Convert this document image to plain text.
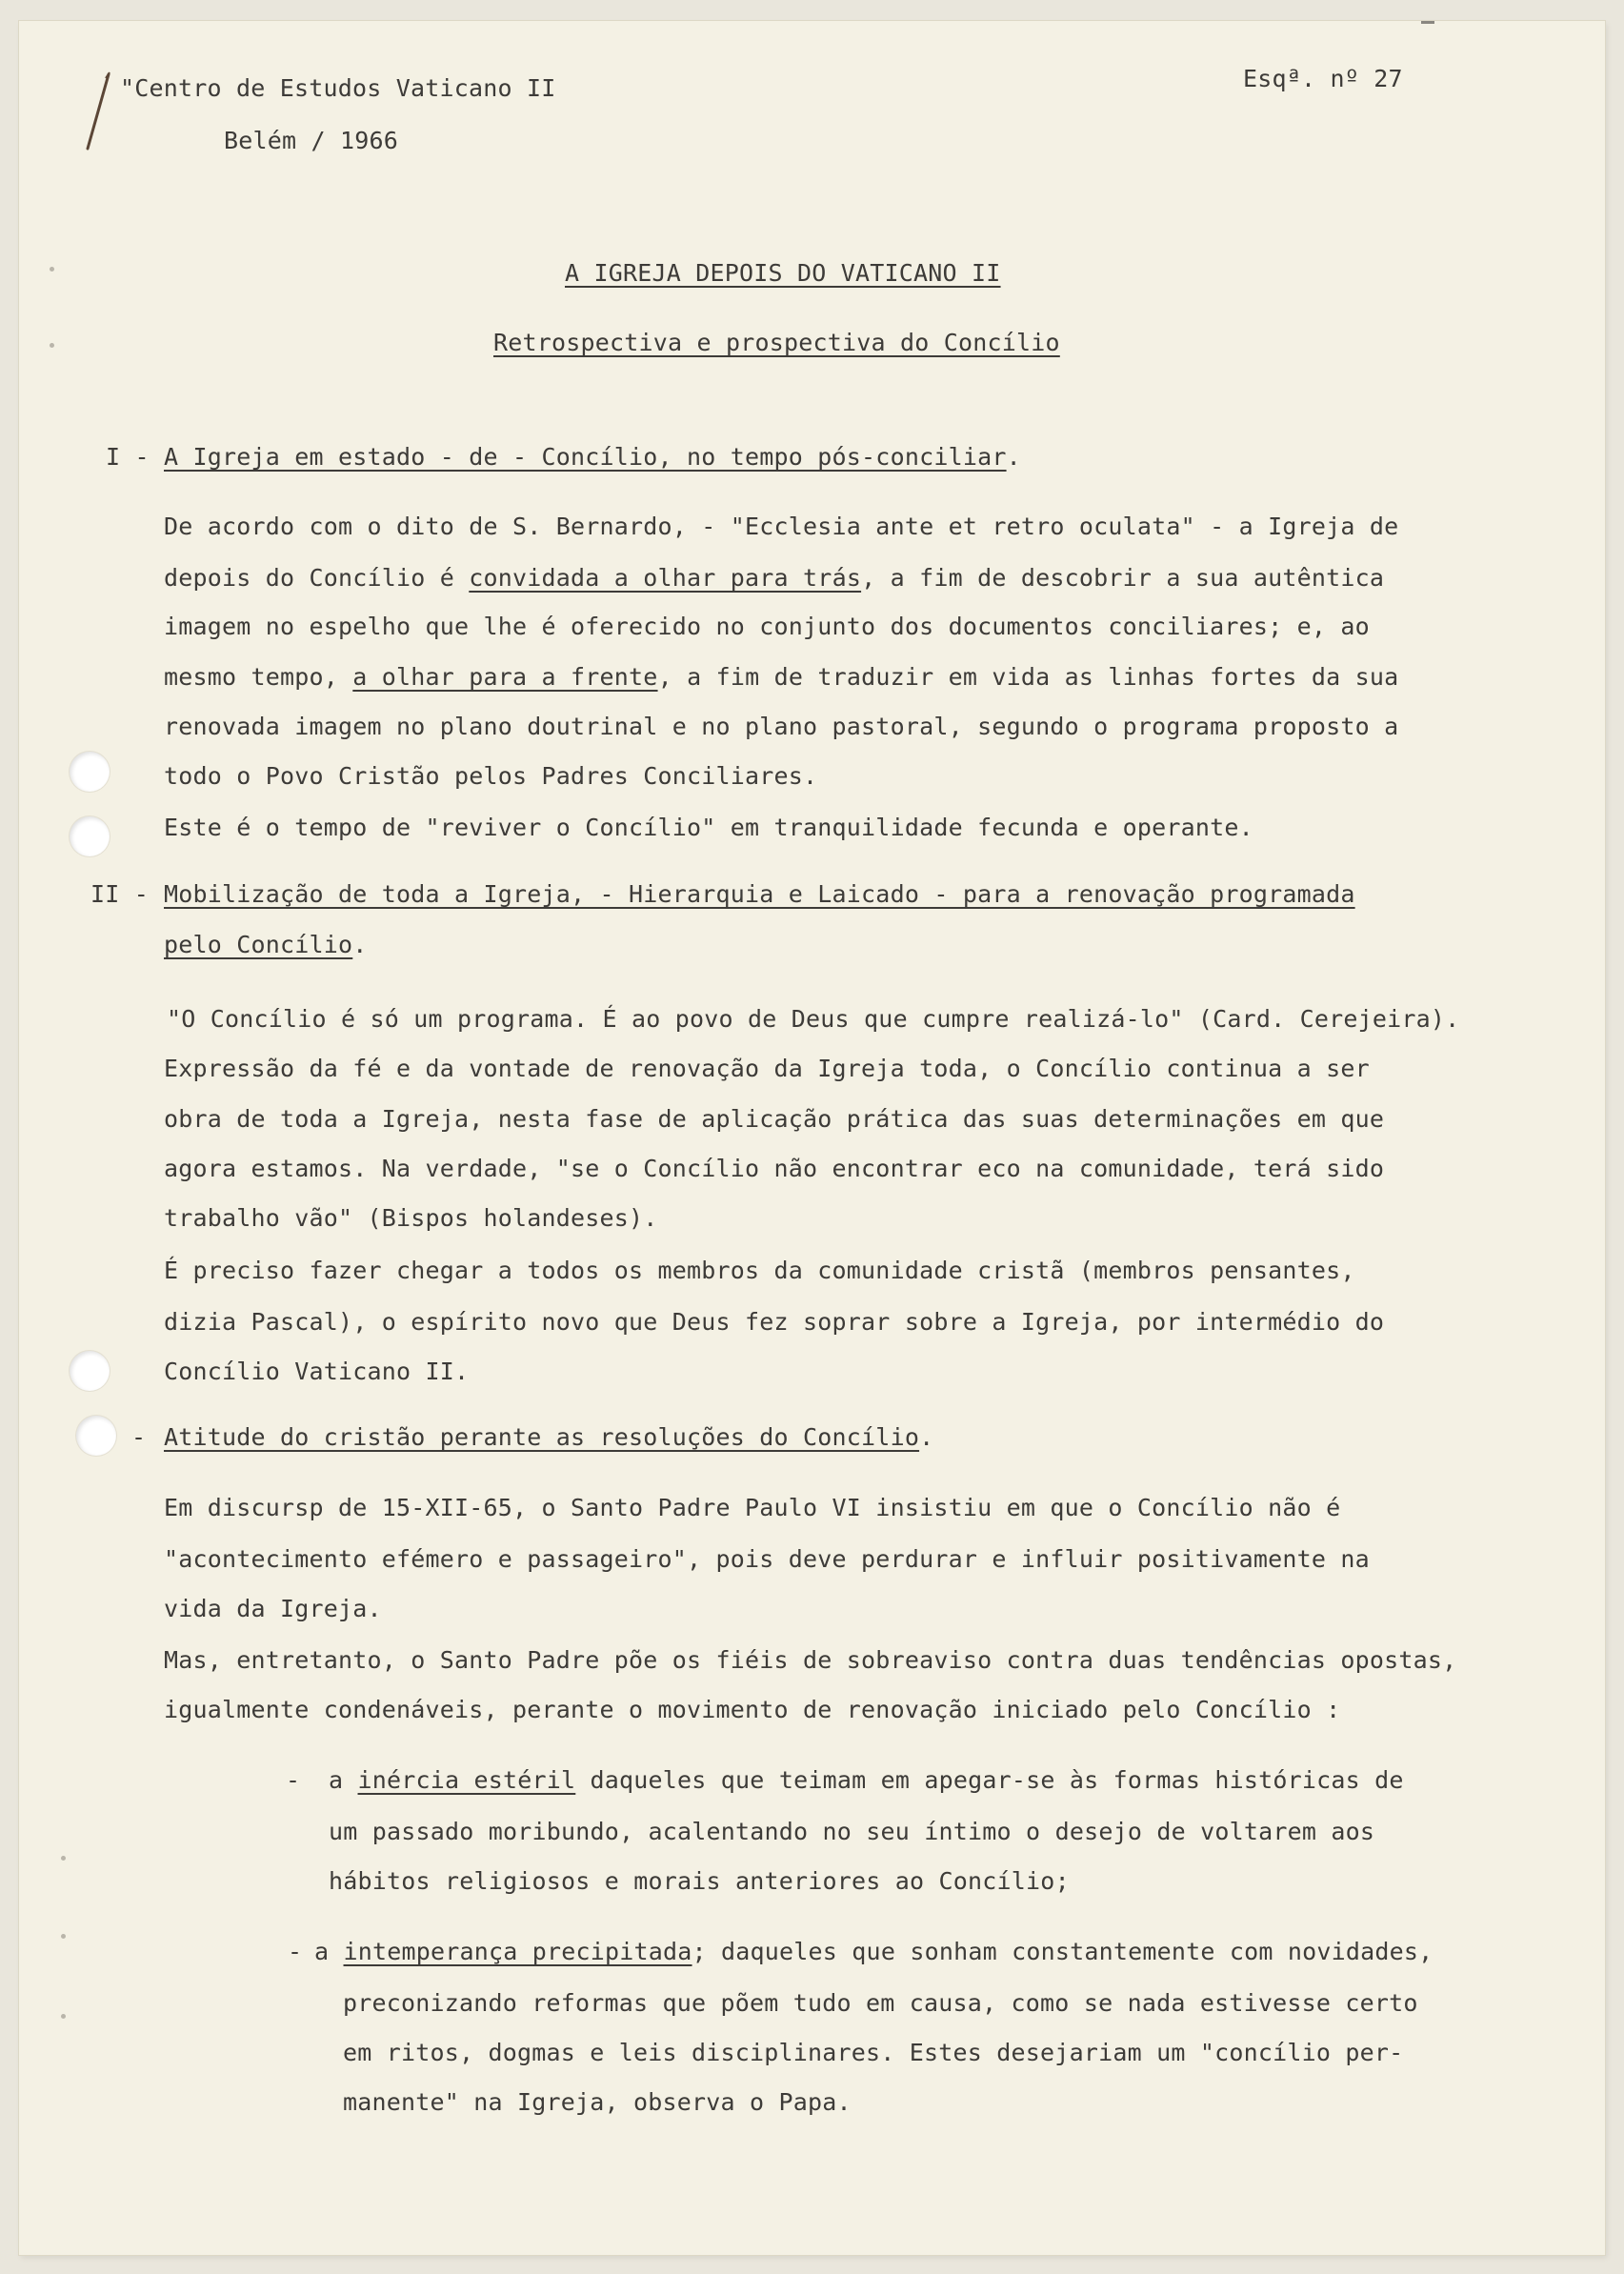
"Centro de Estudos Vaticano II
Belém / 1966
Esqª. nº 27
A IGREJA DEPOIS DO VATICANO II
Retrospectiva e prospectiva do Concílio
I - A Igreja em estado - de - Concílio, no tempo pós-conciliar.
De acordo com o dito de S. Bernardo, - "Ecclesia ante et retro oculata" - a Igreja de
depois do Concílio é convidada a olhar para trás, a fim de descobrir a sua autêntica
imagem no espelho que lhe é oferecido no conjunto dos documentos conciliares; e, ao
mesmo tempo, a olhar para a frente, a fim de traduzir em vida as linhas fortes da sua
renovada imagem no plano doutrinal e no plano pastoral, segundo o programa proposto a
todo o Povo Cristão pelos Padres Conciliares.
Este é o tempo de "reviver o Concílio" em tranquilidade fecunda e operante.
II - Mobilização de toda a Igreja, - Hierarquia e Laicado - para a renovação programada
pelo Concílio.
"O Concílio é só um programa. É ao povo de Deus que cumpre realizá-lo" (Card. Cerejeira).
Expressão da fé e da vontade de renovação da Igreja toda, o Concílio continua a ser
obra de toda a Igreja, nesta fase de aplicação prática das suas determinações em que
agora estamos. Na verdade, "se o Concílio não encontrar eco na comunidade, terá sido
trabalho vão" (Bispos holandeses).
É preciso fazer chegar a todos os membros da comunidade cristã (membros pensantes,
dizia Pascal), o espírito novo que Deus fez soprar sobre a Igreja, por intermédio do
Concílio Vaticano II.
- Atitude do cristão perante as resoluções do Concílio.
Em discursp de 15-XII-65, o Santo Padre Paulo VI insistiu em que o Concílio não é
"acontecimento efémero e passageiro", pois deve perdurar e influir positivamente na
vida da Igreja.
Mas, entretanto, o Santo Padre põe os fiéis de sobreaviso contra duas tendências opostas,
igualmente condenáveis, perante o movimento de renovação iniciado pelo Concílio :
- a inércia estéril daqueles que teimam em apegar-se às formas históricas de
um passado moribundo, acalentando no seu íntimo o desejo de voltarem aos
hábitos religiosos e morais anteriores ao Concílio;
- a intemperança precipitada; daqueles que sonham constantemente com novidades,
preconizando reformas que põem tudo em causa, como se nada estivesse certo
em ritos, dogmas e leis disciplinares. Estes desejariam um "concílio per-
manente" na Igreja, observa o Papa.
